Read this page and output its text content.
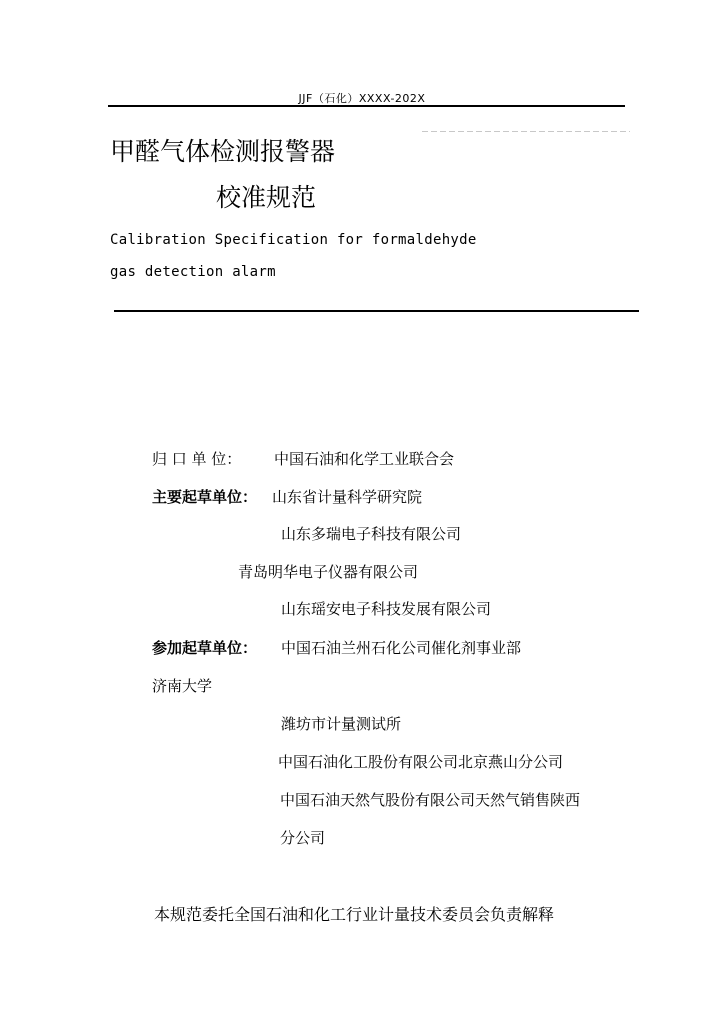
JJF（石化）XXXX-202X
甲醛气体检测报警器
校准规范
Calibration Specification for formaldehyde
gas detection alarm
归 口 单 位： 中国石油和化学工业联合会
主要起草单位： 山东省计量科学研究院
山东多瑞电子科技有限公司
青岛明华电子仪器有限公司
山东瑶安电子科技发展有限公司
参加起草单位： 中国石油兰州石化公司催化剂事业部
济南大学
潍坊市计量测试所
中国石油化工股份有限公司北京燕山分公司
中国石油天然气股份有限公司天然气销售陕西
分公司
本规范委托全国石油和化工行业计量技术委员会负责解释
